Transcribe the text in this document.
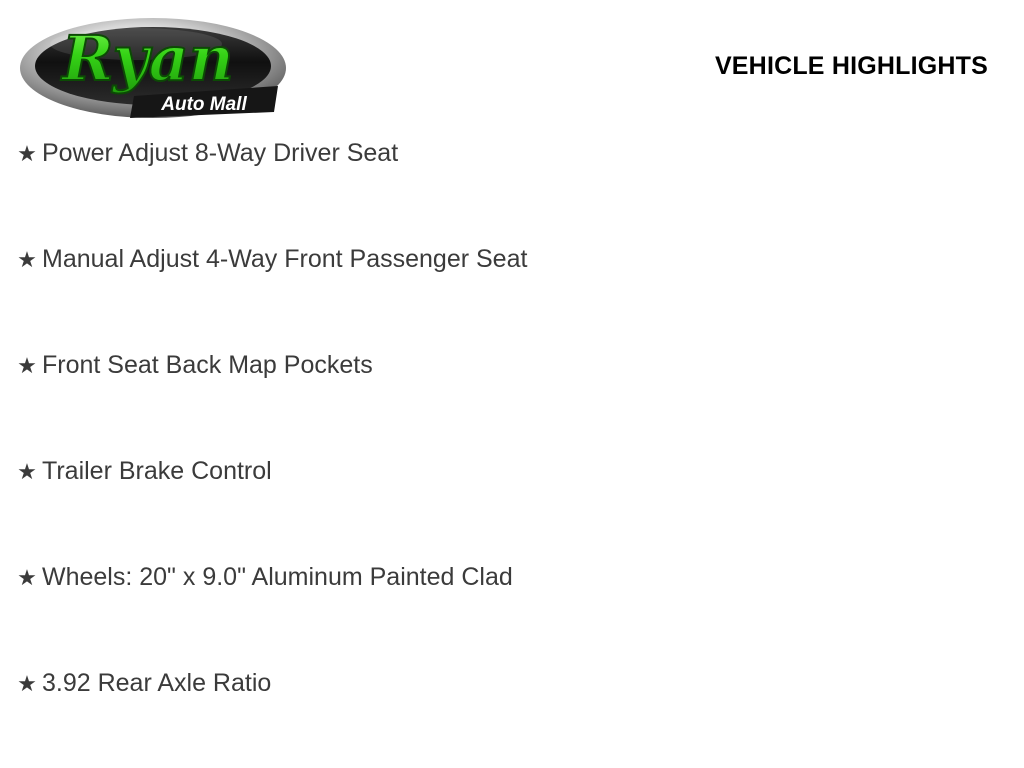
Ryan
Auto Mall
VEHICLE HIGHLIGHTS
★ Power Adjust 8-Way Driver Seat
★ Manual Adjust 4-Way Front Passenger Seat
★ Front Seat Back Map Pockets
★ Trailer Brake Control
★ Wheels: 20" x 9.0" Aluminum Painted Clad
★ 3.92 Rear Axle Ratio
